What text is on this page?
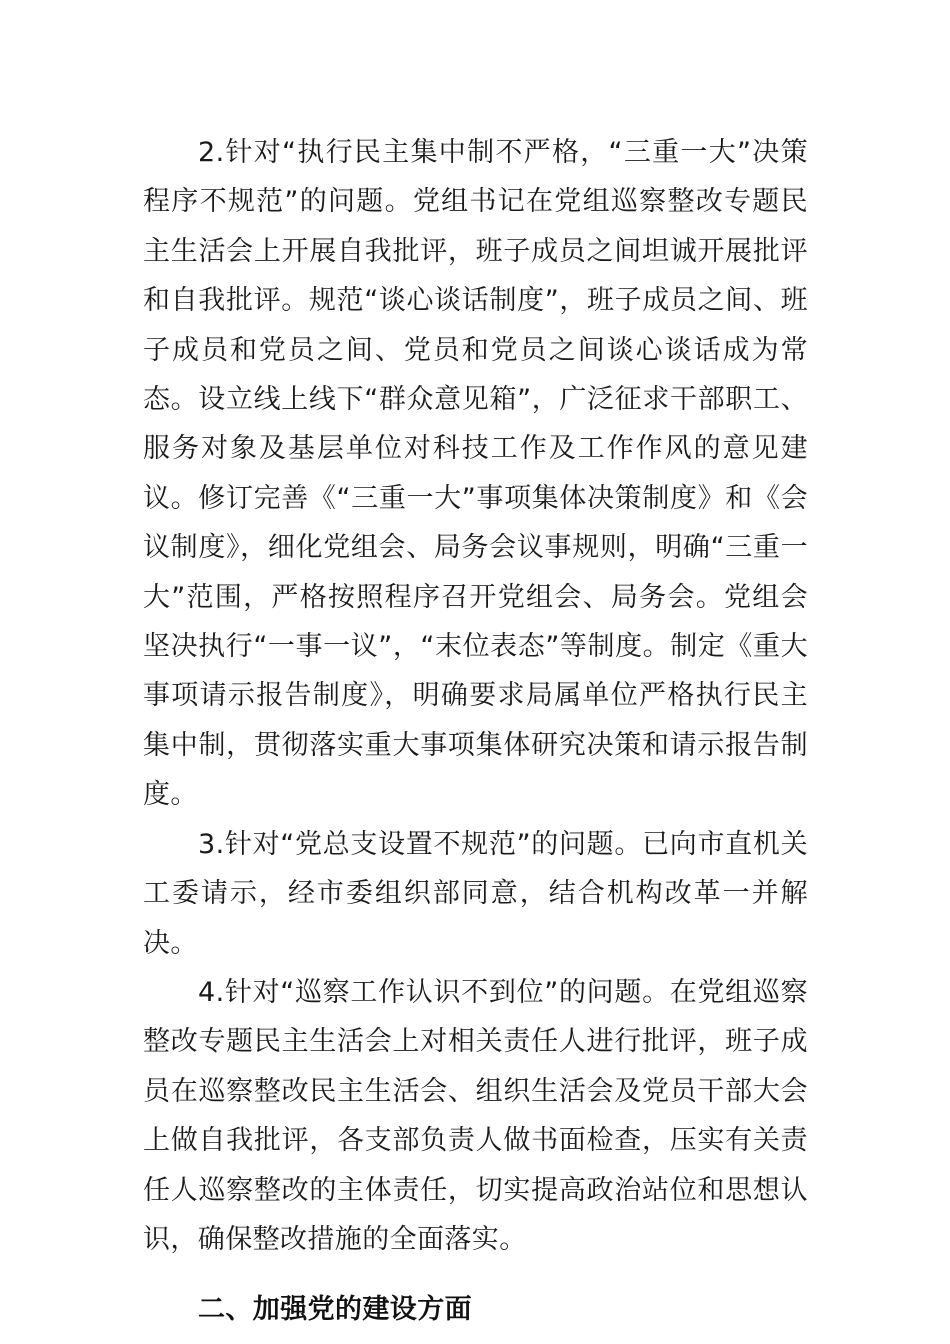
2.针对“执行民主集中制不严格，“三重一大”决策程序不规范”的问题。党组书记在党组巡察整改专题民主生活会上开展自我批评，班子成员之间坦诚开展批评和自我批评。规范“谈心谈话制度”，班子成员之间、班子成员和党员之间、党员和党员之间谈心谈话成为常态。设立线上线下“群众意见箱”，广泛征求干部职工、服务对象及基层单位对科技工作及工作作风的意见建议。修订完善《“三重一大”事项集体决策制度》和《会议制度》，细化党组会、局务会议事规则，明确“三重一大”范围，严格按照程序召开党组会、局务会。党组会坚决执行“一事一议”，“末位表态”等制度。制定《重大事项请示报告制度》，明确要求局属单位严格执行民主集中制，贯彻落实重大事项集体研究决策和请示报告制度。

3.针对“党总支设置不规范”的问题。已向市直机关工委请示，经市委组织部同意，结合机构改革一并解决。

4.针对“巡察工作认识不到位”的问题。在党组巡察整改专题民主生活会上对相关责任人进行批评，班子成员在巡察整改民主生活会、组织生活会及党员干部大会上做自我批评，各支部负责人做书面检查，压实有关责任人巡察整改的主体责任，切实提高政治站位和思想认识，确保整改措施的全面落实。

二、加强党的建设方面
